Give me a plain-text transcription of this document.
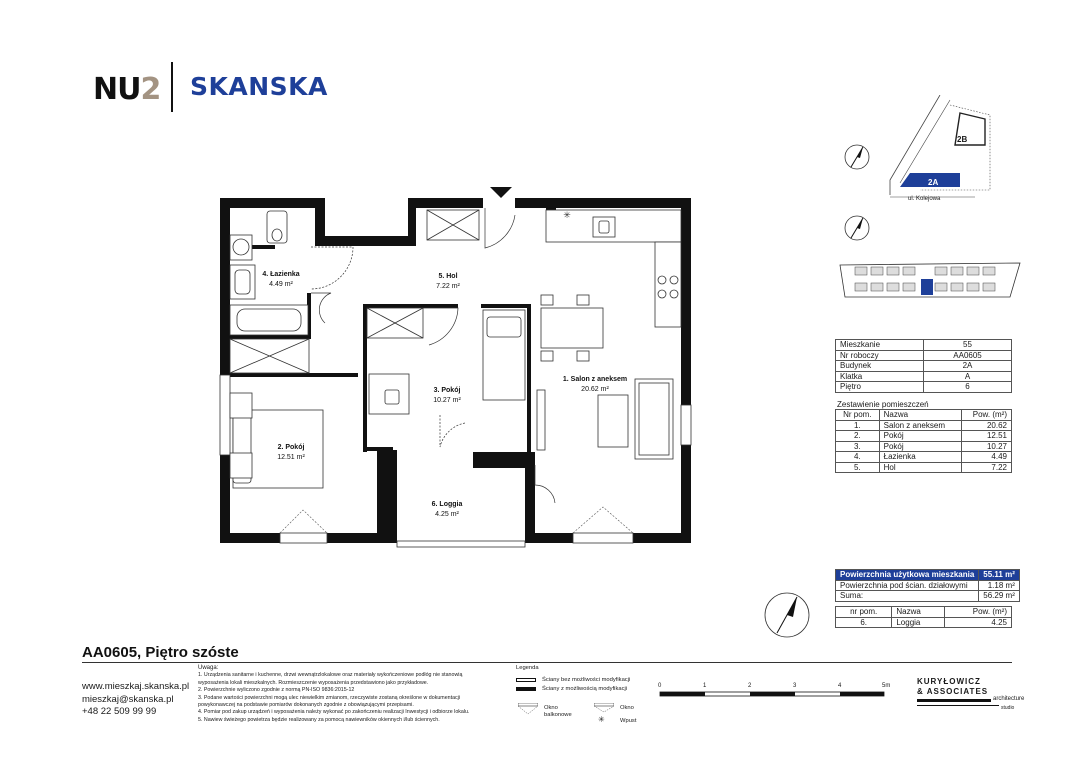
NU2 SKANSKA
✳
1. Salon z aneksem
20.62 m²
2. Pokój
12.51 m²
3. Pokój
10.27 m²
4. Łazienka
4.49 m²
5. Hol
7.22 m²
6. Loggia
4.25 m²
2B
2A
ul. Kolejowa
Mieszkanie	55
Nr roboczy	AA0605
Budynek	2A
Klatka	A
Piętro	6
Zestawienie pomieszczeń
Nr pom.	Nazwa	Pow. (m²)
1.	Salon z aneksem	20.62
2.	Pokój	12.51
3.	Pokój	10.27
4.	Łazienka	4.49
5.	Hol	7.22
Powierzchnia użytkowa mieszkania	55.11 m²
Powierzchnia pod ścian. działowymi	1.18 m²
Suma:	56.29 m²
nr pom.	Nazwa	Pow. (m²)
6.	Loggia	4.25
AA0605, Piętro szóste
www.mieszkaj.skanska.pl
mieszkaj@skanska.pl
+48 22 509 99 99
Uwaga:
1. Urządzenia sanitarne i kuchenne, drzwi wewnątrzlokalowe oraz materiały wykończeniowe podłóg nie stanowią
wyposażenia lokali mieszkalnych. Rozmieszczenie wyposażenia przedstawiono jako przykładowe.
2. Powierzchnie wyliczono zgodnie z normą PN-ISO 9836:2015-12
3. Podane wartości powierzchni mogą ulec niewielkim zmianom, rzeczywiste zostaną określone w dokumentacji
powykonawczej na podstawie pomiarów dokonanych zgodnie z obowiązującymi przepisami.
4. Pomiar pod zakup urządzeń i wyposażenia należy wykonać po zakończeniu realizacji Inwestycji i odbiorze lokalu.
5. Nawiew świeżego powietrza będzie realizowany za pomocą nawiewników okiennych i/lub ściennych.
Legenda
Ściany bez możliwości modyfikacji
Ściany z możliwością modyfikacji
Okno
balkonowe
Okno
✳	Wpust
0	1	2	3	4	5m	KURYŁOWICZ
& ASSOCIATES
architecture
studio
